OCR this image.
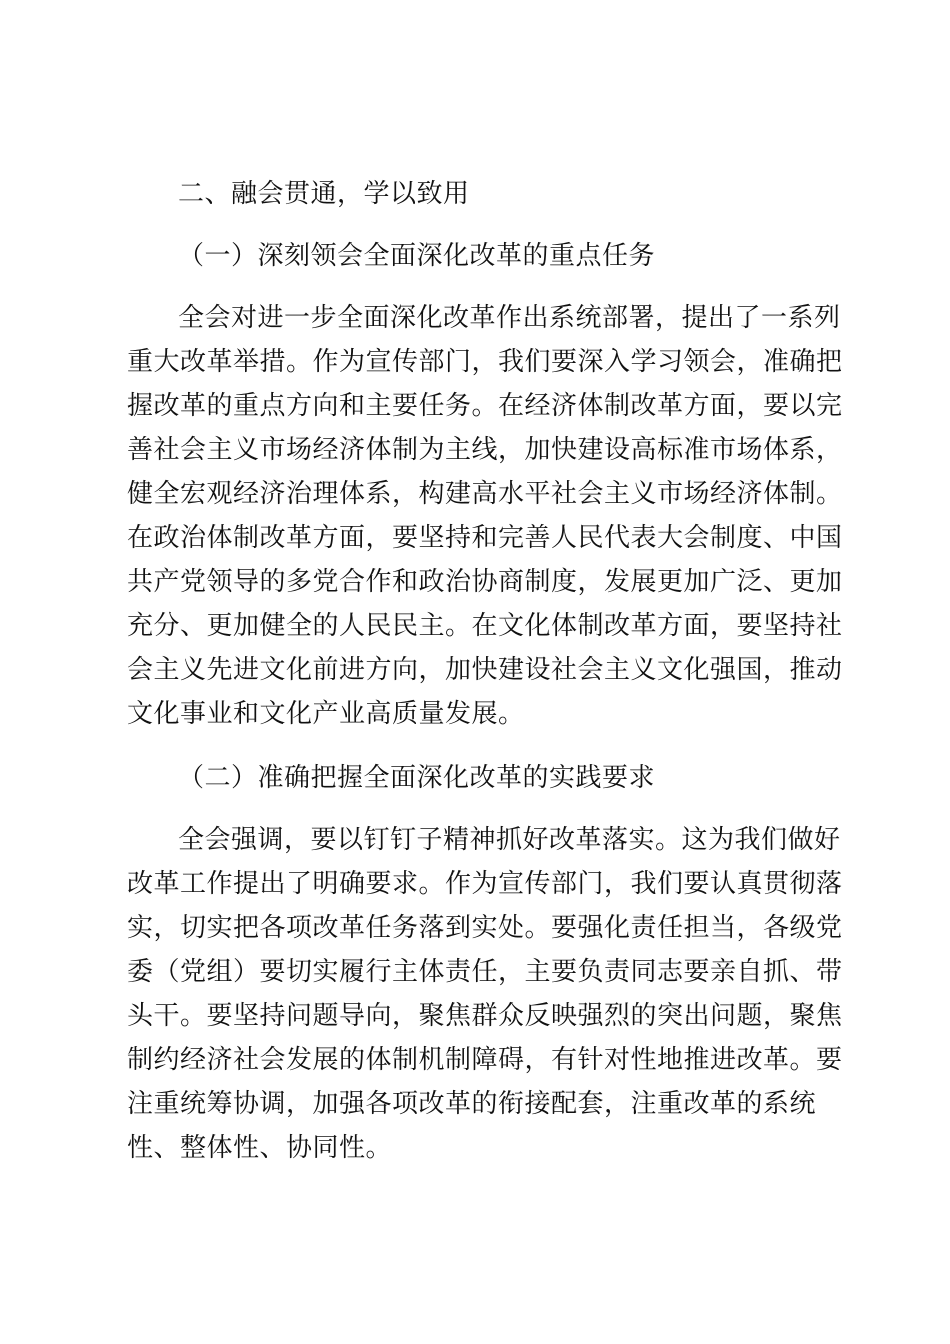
二、融会贯通，学以致用
（一）深刻领会全面深化改革的重点任务
全会对进一步全面深化改革作出系统部署，提出了一系列
重大改革举措。作为宣传部门，我们要深入学习领会，准确把
握改革的重点方向和主要任务。在经济体制改革方面，要以完
善社会主义市场经济体制为主线，加快建设高标准市场体系，
健全宏观经济治理体系，构建高水平社会主义市场经济体制。
在政治体制改革方面，要坚持和完善人民代表大会制度、中国
共产党领导的多党合作和政治协商制度，发展更加广泛、更加
充分、更加健全的人民民主。在文化体制改革方面，要坚持社
会主义先进文化前进方向，加快建设社会主义文化强国，推动
文化事业和文化产业高质量发展。
（二）准确把握全面深化改革的实践要求
全会强调，要以钉钉子精神抓好改革落实。这为我们做好
改革工作提出了明确要求。作为宣传部门，我们要认真贯彻落
实，切实把各项改革任务落到实处。要强化责任担当，各级党
委（党组）要切实履行主体责任，主要负责同志要亲自抓、带
头干。要坚持问题导向，聚焦群众反映强烈的突出问题，聚焦
制约经济社会发展的体制机制障碍，有针对性地推进改革。要
注重统筹协调，加强各项改革的衔接配套，注重改革的系统
性、整体性、协同性。
